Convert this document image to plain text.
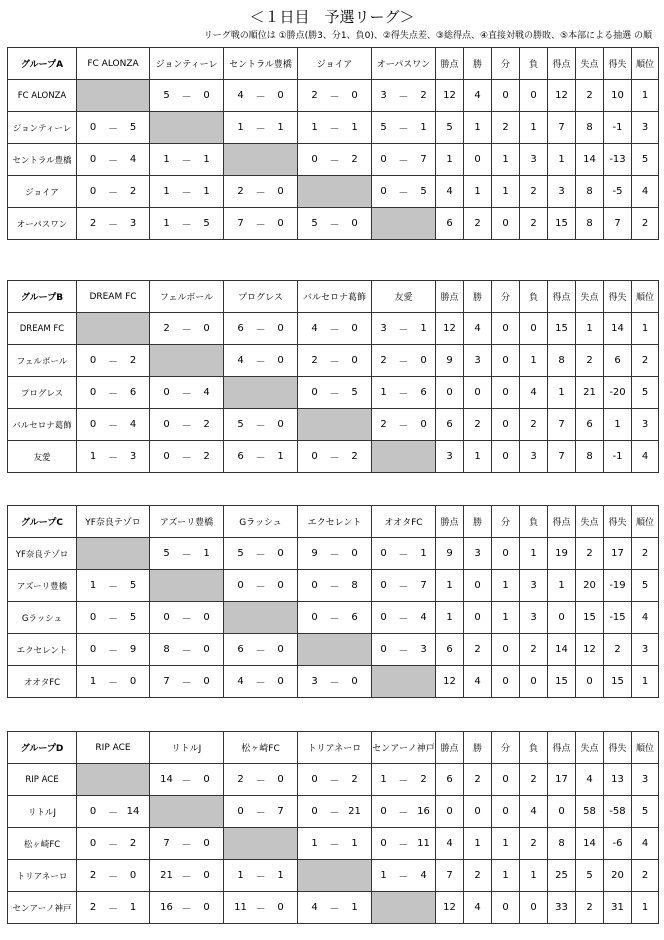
＜１日目　予選リーグ＞
リーグ戦の順位は ①勝点(勝3、分1、負0)、②得失点差、③総得点、④直接対戦の勝敗、⑤本部による抽選 の順
グループA	FC ALONZA	ジョンティーレ	セントラル豊橋	ジョイア	オーパスワン	勝点	勝	分	負	得点	失点	得失	順位
FC ALONZA		5 － 0	4 － 0	2 － 0	3 － 2	12	4	0	0	12	2	10	1
ジョンティーレ	0 － 5		1 － 1	1 － 1	5 － 1	5	1	2	1	7	8	-1	3
セントラル豊橋	0 － 4	1 － 1		0 － 2	0 － 7	1	0	1	3	1	14	-13	5
ジョイア	0 － 2	1 － 1	2 － 0		0 － 5	4	1	1	2	3	8	-5	4
オーパスワン	2 － 3	1 － 5	7 － 0	5 － 0		6	2	0	2	15	8	7	2
グループB	DREAM FC	フェルボール	プログレス	バルセロナ葛飾	友愛	勝点	勝	分	負	得点	失点	得失	順位
DREAM FC		2 － 0	6 － 0	4 － 0	3 － 1	12	4	0	0	15	1	14	1
フェルボール	0 － 2		4 － 0	2 － 0	2 － 0	9	3	0	1	8	2	6	2
プログレス	0 － 6	0 － 4		0 － 5	1 － 6	0	0	0	4	1	21	-20	5
バルセロナ葛飾	0 － 4	0 － 2	5 － 0		2 － 0	6	2	0	2	7	6	1	3
友愛	1 － 3	0 － 2	6 － 1	0 － 2		3	1	0	3	7	8	-1	4
グループC	YF奈良テゾロ	アズーリ豊橋	Gラッシュ	エクセレント	オオタFC	勝点	勝	分	負	得点	失点	得失	順位
YF奈良テゾロ		5 － 1	5 － 0	9 － 0	0 － 1	9	3	0	1	19	2	17	2
アズーリ豊橋	1 － 5		0 － 0	0 － 8	0 － 7	1	0	1	3	1	20	-19	5
Gラッシュ	0 － 5	0 － 0		0 － 6	0 － 4	1	0	1	3	0	15	-15	4
エクセレント	0 － 9	8 － 0	6 － 0		0 － 3	6	2	0	2	14	12	2	3
オオタFC	1 － 0	7 － 0	4 － 0	3 － 0		12	4	0	0	15	0	15	1
グループD	RIP ACE	リトルJ	松ヶ崎FC	トリアネーロ	センアーノ神戸	勝点	勝	分	負	得点	失点	得失	順位
RIP ACE		14 － 0	2 － 0	0 － 2	1 － 2	6	2	0	2	17	4	13	3
リトルJ	0 － 14		0 － 7	0 － 21	0 － 16	0	0	0	4	0	58	-58	5
松ヶ崎FC	0 － 2	7 － 0		1 － 1	0 － 11	4	1	1	2	8	14	-6	4
トリアネーロ	2 － 0	21 － 0	1 － 1		1 － 4	7	2	1	1	25	5	20	2
センアーノ神戸	2 － 1	16 － 0	11 － 0	4 － 1		12	4	0	0	33	2	31	1
